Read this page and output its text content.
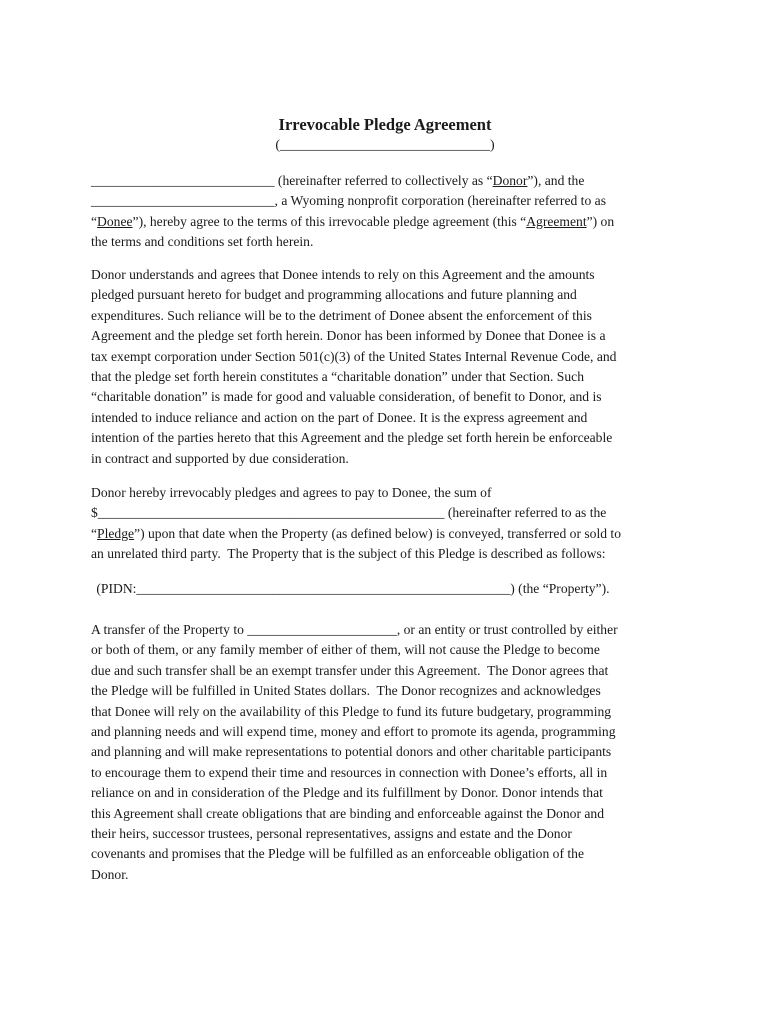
Irrevocable Pledge Agreement
(______________________________)
___________________________ (hereinafter referred to collectively as “Donor”), and the
___________________________, a Wyoming nonprofit corporation (hereinafter referred to as
“Donee”), hereby agree to the terms of this irrevocable pledge agreement (this “Agreement”) on
the terms and conditions set forth herein.
Donor understands and agrees that Donee intends to rely on this Agreement and the amounts
pledged pursuant hereto for budget and programming allocations and future planning and
expenditures. Such reliance will be to the detriment of Donee absent the enforcement of this
Agreement and the pledge set forth herein. Donor has been informed by Donee that Donee is a
tax exempt corporation under Section 501(c)(3) of the United States Internal Revenue Code, and
that the pledge set forth herein constitutes a “charitable donation” under that Section. Such
“charitable donation” is made for good and valuable consideration, of benefit to Donor, and is
intended to induce reliance and action on the part of Donee. It is the express agreement and
intention of the parties hereto that this Agreement and the pledge set forth herein be enforceable
in contract and supported by due consideration.
Donor hereby irrevocably pledges and agrees to pay to Donee, the sum of
$___________________________________________________ (hereinafter referred to as the
“Pledge”) upon that date when the Property (as defined below) is conveyed, transferred or sold to
an unrelated third party.  The Property that is the subject of this Pledge is described as follows:
(PIDN:_______________________________________________________) (the “Property”).
A transfer of the Property to ______________________, or an entity or trust controlled by either
or both of them, or any family member of either of them, will not cause the Pledge to become
due and such transfer shall be an exempt transfer under this Agreement.  The Donor agrees that
the Pledge will be fulfilled in United States dollars.  The Donor recognizes and acknowledges
that Donee will rely on the availability of this Pledge to fund its future budgetary, programming
and planning needs and will expend time, money and effort to promote its agenda, programming
and planning and will make representations to potential donors and other charitable participants
to encourage them to expend their time and resources in connection with Donee’s efforts, all in
reliance on and in consideration of the Pledge and its fulfillment by Donor. Donor intends that
this Agreement shall create obligations that are binding and enforceable against the Donor and
their heirs, successor trustees, personal representatives, assigns and estate and the Donor
covenants and promises that the Pledge will be fulfilled as an enforceable obligation of the
Donor.
